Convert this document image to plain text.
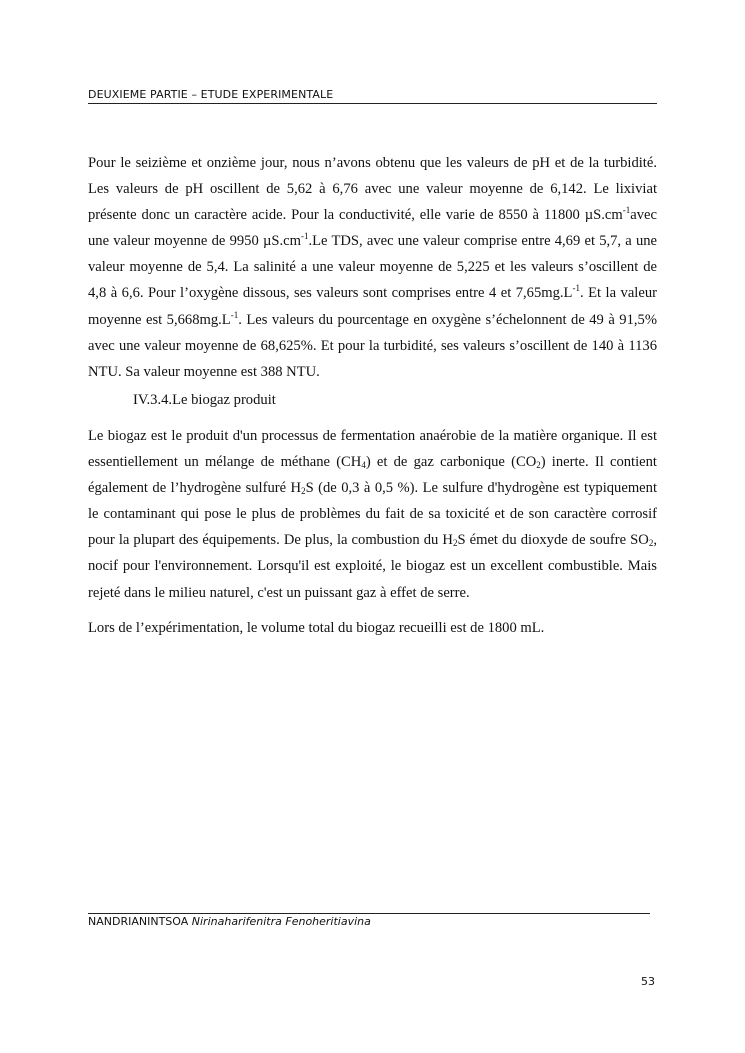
DEUXIEME PARTIE – ETUDE EXPERIMENTALE

Pour le seizième et onzième jour, nous n’avons obtenu que les valeurs de pH et de la turbidité. Les valeurs de pH oscillent de 5,62 à 6,76 avec une valeur moyenne de 6,142. Le lixiviat présente donc un caractère acide. Pour la conductivité, elle varie de 8550 à 11800 $\mu S.cm^{-1}avec$ une valeur moyenne de 9950 $\mu S.cm^{-1}.Le$ TDS, avec une valeur comprise entre 4,69 et 5,7, a une valeur moyenne de 5,4. La salinité a une valeur moyenne de 5,225 et les valeurs s’oscillent de 4,8 à 6,6. Pour l’oxygène dissous, ses valeurs sont comprises entre 4 et $7,65mg.L^{-1}$. Et la valeur moyenne est $5,668mg.L^{-1}$. Les valeurs du pourcentage en oxygène s’échelonnent de 49 à 91,5% avec une valeur moyenne de 68,625%. Et pour la turbidité, ses valeurs s’oscillent de 140 à 1136 NTU. Sa valeur moyenne est 388 NTU.

IV.3.4.Le biogaz produit

Le biogaz est le produit d'un processus de fermentation anaérobie de la matière organique. Il est essentiellement un mélange de méthane $(CH_4)$ et de gaz carbonique $(CO_2)$ inerte. Il contient également de l’hydrogène sulfuré $H_2S$ (de 0,3 à 0,5 %). Le sulfure d'hydrogène est typiquement le contaminant qui pose le plus de problèmes du fait de sa toxicité et de son caractère corrosif pour la plupart des équipements. De plus, la combustion du $H_2S$ émet du dioxyde de soufre $SO_2$, nocif pour l'environnement. Lorsqu'il est exploité, le biogaz est un excellent combustible. Mais rejeté dans le milieu naturel, c'est un puissant gaz à effet de serre.

Lors de l’expérimentation, le volume total du biogaz recueilli est de 1800 mL.

NANDRIANINTSOA Nirinaharifenitra Fenoheritiavina
53
